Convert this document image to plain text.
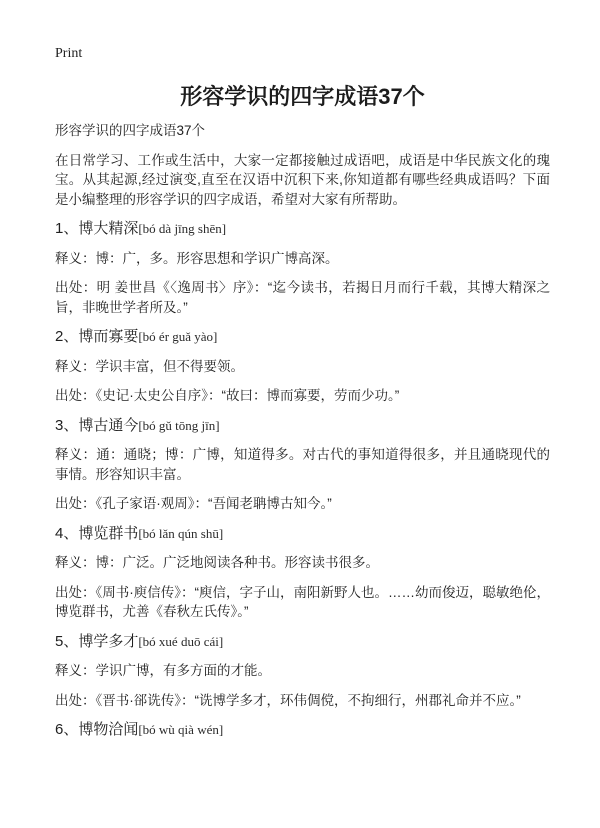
Print
形容学识的四字成语37个

形容学识的四字成语37个

在日常学习、工作或生活中，大家一定都接触过成语吧，成语是中华民族文化的瑰宝。从其起源,经过演变,直至在汉语中沉积下来,你知道都有哪些经典成语吗？下面是小编整理的形容学识的四字成语，希望对大家有所帮助。

1、博大精深[bó dà jīng shēn]

释义：博：广，多。形容思想和学识广博高深。

出处：明 姜世昌《〈逸周书〉序》：“迄今读书，若揭日月而行千载，其博大精深之旨，非晚世学者所及。”

2、博而寡要[bó ér guǎ yào]

释义：学识丰富，但不得要领。

出处：《史记·太史公自序》：“故曰：博而寡要，劳而少功。”

3、博古通今[bó gǔ tōng jīn]

释义：通：通晓；博：广博，知道得多。对古代的事知道得很多，并且通晓现代的事情。形容知识丰富。

出处：《孔子家语·观周》：“吾闻老聃博古知今。”

4、博览群书[bó lǎn qún shū]

释义：博：广泛。广泛地阅读各种书。形容读书很多。

出处：《周书·庾信传》：“庾信，字子山，南阳新野人也。……幼而俊迈，聪敏绝伦，博览群书，尤善《春秋左氏传》。”

5、博学多才[bó xué duō cái]

释义：学识广博，有多方面的才能。

出处：《晋书·郤诜传》：“诜博学多才，环伟倜傥，不拘细行，州郡礼命并不应。”

6、博物洽闻[bó wù qià wén]
